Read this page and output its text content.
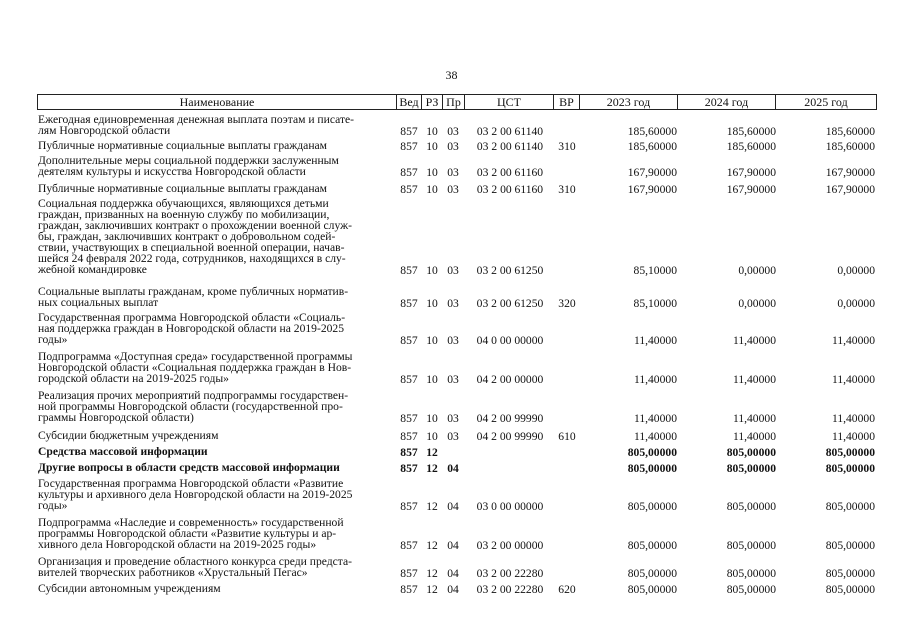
38
Наименование	Вед РЗ Пр	ЦСТ	ВР	2023 год	2024 год	2025 год
Ежегодная единовременная денежная выплата поэтам и писате-
лям Новгородской области	857 10 03	03 2 00 61140	185,60000	185,60000	185,60000
Публичные нормативные социальные выплаты гражданам	857 10 03	03 2 00 61140	310	185,60000	185,60000	185,60000
Дополнительные меры социальной поддержки заслуженным
деятелям культуры и искусства Новгородской области	857 10 03	03 2 00 61160	167,90000	167,90000	167,90000
Публичные нормативные социальные выплаты гражданам	857 10 03	03 2 00 61160	310	167,90000	167,90000	167,90000
Социальная поддержка обучающихся, являющихся детьми
граждан, призванных на военную службу по мобилизации,
граждан, заключивших контракт о прохождении военной служ-
бы, граждан, заключивших контракт о добровольном содей-
ствии, участвующих в специальной военной операции, начав-
шейся 24 февраля 2022 года, сотрудников, находящихся в слу-
жебной командировке	857 10 03	03 2 00 61250	85,10000	0,00000	0,00000
Социальные выплаты гражданам, кроме публичных норматив-
ных социальных выплат	857 10 03	03 2 00 61250	320	85,10000	0,00000	0,00000
Государственная программа Новгородской области «Социаль-
ная поддержка граждан в Новгородской области на 2019-2025
годы»	857 10 03	04 0 00 00000	11,40000	11,40000	11,40000
Подпрограмма «Доступная среда» государственной программы
Новгородской области «Социальная поддержка граждан в Нов-
городской области на 2019-2025 годы»	857 10 03	04 2 00 00000	11,40000	11,40000	11,40000
Реализация прочих мероприятий подпрограммы государствен-
ной программы Новгородской области (государственной про-
граммы Новгородской области)	857 10 03	04 2 00 99990	11,40000	11,40000	11,40000
Субсидии бюджетным учреждениям	857 10 03	04 2 00 99990	610	11,40000	11,40000	11,40000
Средства массовой информации	857 12	805,00000	805,00000	805,00000
Другие вопросы в области средств массовой информации	857 12 04	805,00000	805,00000	805,00000
Государственная программа Новгородской области «Развитие
культуры и архивного дела Новгородской области на 2019-2025
годы»	857 12 04	03 0 00 00000	805,00000	805,00000	805,00000
Подпрограмма «Наследие и современность» государственной
программы Новгородской области «Развитие культуры и ар-
хивного дела Новгородской области на 2019-2025 годы»	857 12 04	03 2 00 00000	805,00000	805,00000	805,00000
Организация и проведение областного конкурса среди предста-
вителей творческих работников «Хрустальный Пегас»	857 12 04	03 2 00 22280	805,00000	805,00000	805,00000
Субсидии автономным учреждениям	857 12 04	03 2 00 22280	620	805,00000	805,00000	805,00000
